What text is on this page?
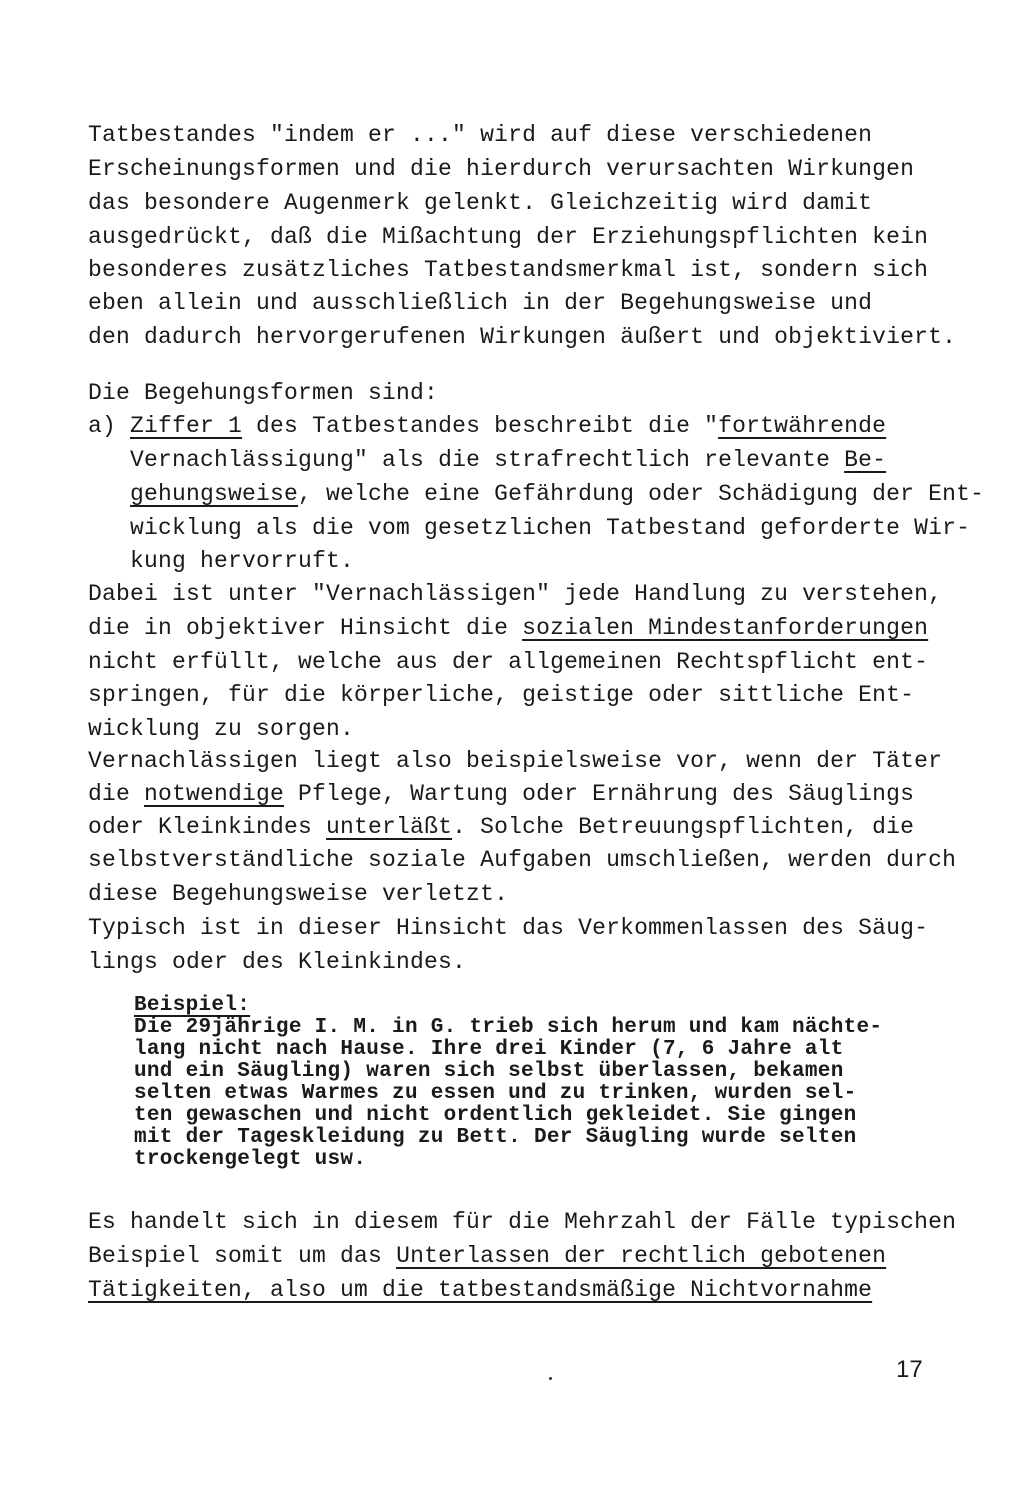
Tatbestandes "indem er ..." wird auf diese verschiedenen
Erscheinungsformen und die hierdurch verursachten Wirkungen
das besondere Augenmerk gelenkt. Gleichzeitig wird damit
ausgedrückt, daß die Mißachtung der Erziehungspflichten kein
besonderes zusätzliches Tatbestandsmerkmal ist, sondern sich
eben allein und ausschließlich in der Begehungsweise und
den dadurch hervorgerufenen Wirkungen äußert und objektiviert.
Die Begehungsformen sind:
a) Ziffer 1 des Tatbestandes beschreibt die "fortwährende
Vernachlässigung" als die strafrechtlich relevante Be-
gehungsweise, welche eine Gefährdung oder Schädigung der Ent-
wicklung als die vom gesetzlichen Tatbestand geforderte Wir-
kung hervorruft.
Dabei ist unter "Vernachlässigen" jede Handlung zu verstehen,
die in objektiver Hinsicht die sozialen Mindestanforderungen
nicht erfüllt, welche aus der allgemeinen Rechtspflicht ent-
springen, für die körperliche, geistige oder sittliche Ent-
wicklung zu sorgen.
Vernachlässigen liegt also beispielsweise vor, wenn der Täter
die notwendige Pflege, Wartung oder Ernährung des Säuglings
oder Kleinkindes unterläßt. Solche Betreuungspflichten, die
selbstverständliche soziale Aufgaben umschließen, werden durch
diese Begehungsweise verletzt.
Typisch ist in dieser Hinsicht das Verkommenlassen des Säug-
lings oder des Kleinkindes.
Beispiel:
Die 29jährige I. M. in G. trieb sich herum und kam nächte-
lang nicht nach Hause. Ihre drei Kinder (7, 6 Jahre alt
und ein Säugling) waren sich selbst überlassen, bekamen
selten etwas Warmes zu essen und zu trinken, wurden sel-
ten gewaschen und nicht ordentlich gekleidet. Sie gingen
mit der Tageskleidung zu Bett. Der Säugling wurde selten
trockengelegt usw.
Es handelt sich in diesem für die Mehrzahl der Fälle typischen
Beispiel somit um das Unterlassen der rechtlich gebotenen
Tätigkeiten, also um die tatbestandsmäßige Nichtvornahme
17
